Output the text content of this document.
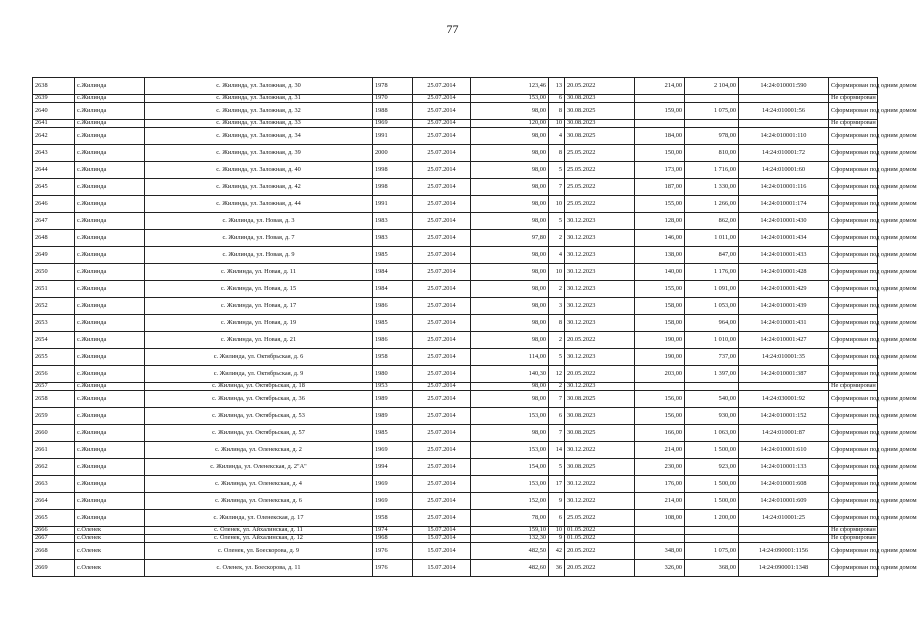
77
2638	с.Жилинда	с. Жилинда, ул. Заложная, д. 30	1978	25.07.2014	123,46	13	20.05.2022	214,00	2 104,00	14:24:010001:590	Сформирован под одним домом
2639	с.Жилинда	с. Жилинда, ул. Заложная, д. 31	1970	25.07.2014	153,00	6	30.08.2023				Не сформирован
2640	с.Жилинда	с. Жилинда, ул. Заложная, д. 32	1988	25.07.2014	98,00	8	30.08.2025	159,00	1 075,00	14:24:010001:56	Сформирован под одним домом
2641	с.Жилинда	с. Жилинда, ул. Заложная, д. 33	1969	25.07.2014	120,00	10	30.08.2023				Не сформирован
2642	с.Жилинда	с. Жилинда, ул. Заложная, д. 34	1991	25.07.2014	98,00	4	30.08.2025	184,00	978,00	14:24:010001:110	Сформирован под одним домом
2643	с.Жилинда	с. Жилинда, ул. Заложная, д. 39	2000	25.07.2014	98,00	8	25.05.2022	150,00	810,00	14:24:010001:72	Сформирован под одним домом
2644	с.Жилинда	с. Жилинда, ул. Заложная, д. 40	1998	25.07.2014	98,00	5	25.05.2022	173,00	1 716,00	14:24:010001:60	Сформирован под одним домом
2645	с.Жилинда	с. Жилинда, ул. Заложная, д. 42	1998	25.07.2014	98,00	7	25.05.2022	187,00	1 330,00	14:24:010001:116	Сформирован под одним домом
2646	с.Жилинда	с. Жилинда, ул. Заложная, д. 44	1991	25.07.2014	98,00	10	25.05.2022	155,00	1 266,00	14:24:010001:174	Сформирован под одним домом
2647	с.Жилинда	с. Жилинда, ул. Новая, д. 3	1983	25.07.2014	98,00	5	30.12.2023	128,00	862,00	14:24:010001:430	Сформирован под одним домом
2648	с.Жилинда	с. Жилинда, ул. Новая, д. 7	1983	25.07.2014	97,80	2	30.12.2023	146,00	1 011,00	14:24:010001:434	Сформирован под одним домом
2649	с.Жилинда	с. Жилинда, ул. Новая, д. 9	1985	25.07.2014	98,00	4	30.12.2023	138,00	847,00	14:24:010001:433	Сформирован под одним домом
2650	с.Жилинда	с. Жилинда, ул. Новая, д. 11	1984	25.07.2014	98,00	10	30.12.2023	140,00	1 176,00	14:24:010001:428	Сформирован под одним домом
2651	с.Жилинда	с. Жилинда, ул. Новая, д. 15	1984	25.07.2014	98,00	2	30.12.2023	155,00	1 091,00	14:24:010001:429	Сформирован под одним домом
2652	с.Жилинда	с. Жилинда, ул. Новая, д. 17	1986	25.07.2014	98,00	3	30.12.2023	158,00	1 053,00	14:24:010001:439	Сформирован под одним домом
2653	с.Жилинда	с. Жилинда, ул. Новая, д. 19	1985	25.07.2014	98,00	8	30.12.2023	158,00	964,00	14:24:010001:431	Сформирован под одним домом
2654	с.Жилинда	с. Жилинда, ул. Новая, д. 21	1986	25.07.2014	98,00	2	20.05.2022	190,00	1 010,00	14:24:010001:427	Сформирован под одним домом
2655	с.Жилинда	с. Жилинда, ул. Октябрьская, д. 6	1958	25.07.2014	114,00	5	30.12.2023	190,00	737,00	14:24:010001:35	Сформирован под одним домом
2656	с.Жилинда	с. Жилинда, ул. Октябрьская, д. 9	1980	25.07.2014	140,30	12	20.05.2022	203,00	1 397,00	14:24:010001:387	Сформирован под одним домом
2657	с.Жилинда	с. Жилинда, ул. Октябрьская, д. 18	1953	25.07.2014	98,00	2	30.12.2023				Не сформирован
2658	с.Жилинда	с. Жилинда, ул. Октябрьская, д. 36	1989	25.07.2014	98,00	7	30.08.2025	156,00	540,00	14:24:030001:92	Сформирован под одним домом
2659	с.Жилинда	с. Жилинда, ул. Октябрьская, д. 53	1989	25.07.2014	153,00	6	30.08.2023	156,00	930,00	14:24:010001:152	Сформирован под одним домом
2660	с.Жилинда	с. Жилинда, ул. Октябрьская, д. 57	1985	25.07.2014	98,00	7	30.08.2025	166,00	1 063,00	14:24:010001:87	Сформирован под одним домом
2661	с.Жилинда	с. Жилинда, ул. Оленекская, д. 2	1969	25.07.2014	153,00	14	30.12.2022	214,00	1 500,00	14:24:010001:610	Сформирован под одним домом
2662	с.Жилинда	с. Жилинда, ул. Оленекская, д. 2"А"	1994	25.07.2014	154,00	5	30.08.2025	230,00	923,00	14:24:010001:133	Сформирован под одним домом
2663	с.Жилинда	с. Жилинда, ул. Оленекская, д. 4	1969	25.07.2014	153,00	17	30.12.2022	176,00	1 500,00	14:24:010001:608	Сформирован под одним домом
2664	с.Жилинда	с. Жилинда, ул. Оленекская, д. 6	1969	25.07.2014	152,00	9	30.12.2022	214,00	1 500,00	14:24:010001:609	Сформирован под одним домом
2665	с.Жилинда	с. Жилинда, ул. Оленекская, д. 17	1958	25.07.2014	78,00	6	25.05.2022	108,00	1 200,00	14:24:010001:25	Сформирован под одним домом
2666	с.Оленек	с. Оленек, ул. Айхалинская, д. 11	1974	15.07.2014	159,10	10	01.05.2022				Не сформирован
2667	с.Оленек	с. Оленек, ул. Айхалинская, д. 12	1968	15.07.2014	132,30	9	01.05.2022				Не сформирован
2668	с.Оленек	с. Оленек, ул. Боескорова, д. 9	1976	15.07.2014	482,50	42	20.05.2022	348,00	1 075,00	14:24:090001:1156	Сформирован под одним домом
2669	с.Оленек	с. Оленек, ул. Боескорова, д. 11	1976	15.07.2014	482,60	36	20.05.2022	326,00	368,00	14:24:090001:1348	Сформирован под одним домом
